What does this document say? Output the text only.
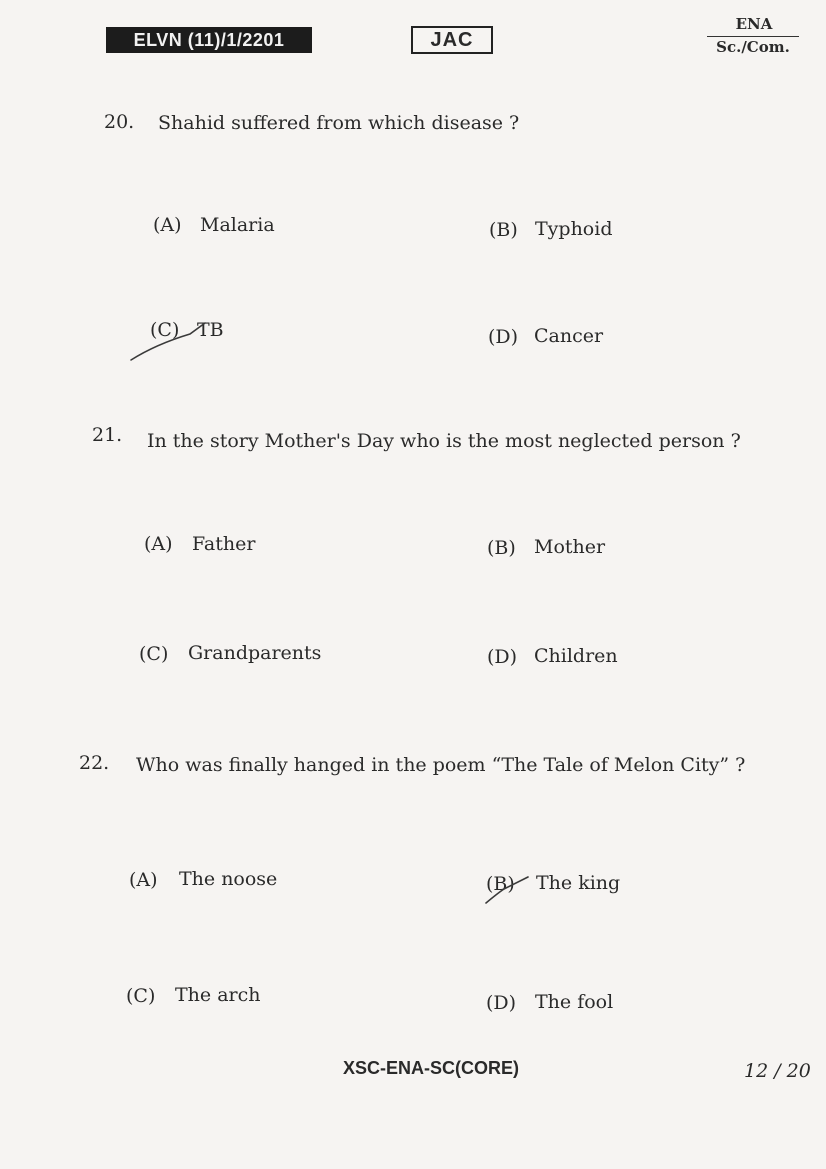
ELVN (11)/1/2201	JAC
ENA
Sc./Com.
20. Shahid suffered from which disease ?
(A) Malaria	(B) Typhoid
(C) TB	(D) Cancer
21. In the story Mother's Day who is the most neglected person ?
(A) Father	(B) Mother
(C) Grandparents	(D) Children
22. Who was finally hanged in the poem “The Tale of Melon City” ?
(A) The noose	(B) The king
(C) The arch	(D) The fool
XSC-ENA-SC(CORE)	12 / 20
